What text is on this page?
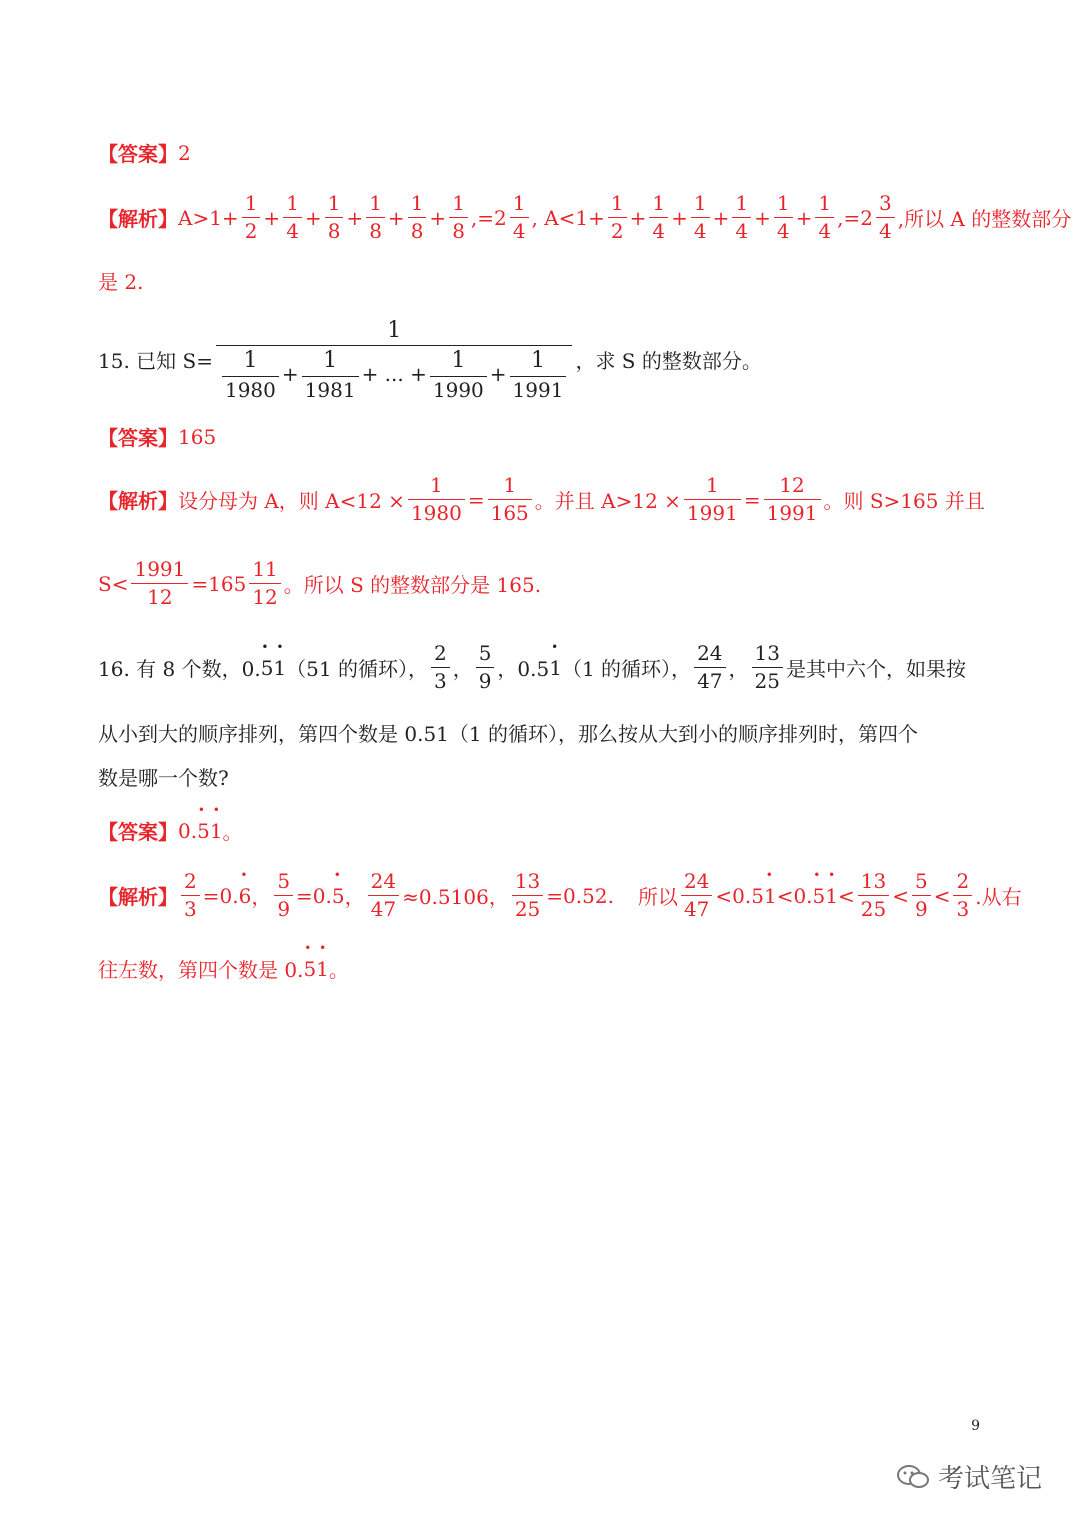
【答案】 2
【解析】 $A>1+ \frac{1}{2} + \frac{1}{4} + \frac{1}{8} + \frac{1}{8} + \frac{1}{8} + \frac{1}{8} ,=2 \frac{1}{4}$ , $A<1+ \frac{1}{2} + \frac{1}{4} + \frac{1}{4} + \frac{1}{4} + \frac{1}{4} + \frac{1}{4} ,=2 \frac{3}{4}$ ,所以 A 的整数部分
是 2.
15. 已知 S=
1
$\frac{1}{1980} + \frac{1}{1981}$ + ... + $\frac{1}{1990} + \frac{1}{1991}$ ，求 S 的整数部分。
【答案】 165
【解析】 设分母为 A，则 $A<12 \times \frac{1}{1980} = \frac{1}{165}$ 。并且 $A>12 \times \frac{1}{1991} = \frac{12}{1991}$ 。则 S>165 并且
$S< \frac{1991}{12} =165 \frac{11}{12}$ 。所以 S 的整数部分是 165.
16. 有 8 个数，0.
• •
51 （51 的循环）， $\frac{2}{3}$ ， $\frac{5}{9}$ ，0.5
•
1 （1 的循环）， $\frac{24}{47}$ ， $\frac{13}{25}$ 是其中六个，如果按
从小到大的顺序排列，第四个数是 0.51（1 的循环），那么按从大到小的顺序排列时，第四个
数是哪一个数?
【答案】 0.
• •
51 。
【解析】 $\frac{2}{3} =0$.
•
6 ， $\frac{5}{9} =0$.
•
5 ， $\frac{24}{47} \approx 0.5106$， $\frac{13}{25} =0.52$. 所以 $\frac{24}{47} <0.5$
•
1 <0.
• •
$51 < \frac{13}{25} < \frac{5}{9} < \frac{2}{3}$ .从右
往左数，第四个数是 0.
• •
51 。
9
考试笔记
